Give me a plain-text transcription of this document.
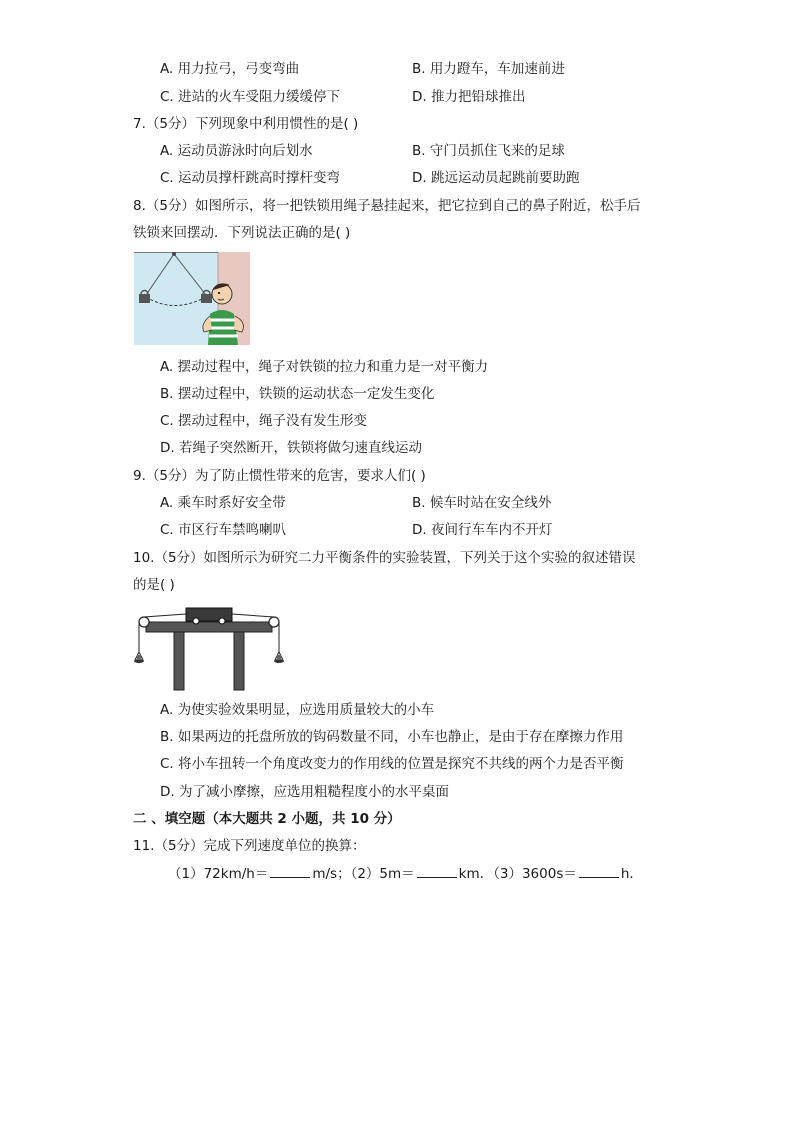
A. 用力拉弓，弓变弯曲	B. 用力蹬车，车加速前进
C. 进站的火车受阻力缓缓停下	D. 推力把铅球推出
7.（5分）下列现象中利用惯性的是( )
A. 运动员游泳时向后划水	B. 守门员抓住飞来的足球
C. 运动员撑杆跳高时撑杆变弯	D. 跳远运动员起跳前要助跑
8.（5分）如图所示，将一把铁锁用绳子悬挂起来，把它拉到自己的鼻子附近，松手后
铁锁来回摆动．下列说法正确的是( )
A. 摆动过程中，绳子对铁锁的拉力和重力是一对平衡力
B. 摆动过程中，铁锁的运动状态一定发生变化
C. 摆动过程中，绳子没有发生形变
D. 若绳子突然断开，铁锁将做匀速直线运动
9.（5分）为了防止惯性带来的危害，要求人们( )
A. 乘车时系好安全带	B. 候车时站在安全线外
C. 市区行车禁鸣喇叭	D. 夜间行车车内不开灯
10.（5分）如图所示为研究二力平衡条件的实验装置，下列关于这个实验的叙述错误
的是( )
A. 为使实验效果明显，应选用质量较大的小车
B. 如果两边的托盘所放的钩码数量不同，小车也静止，是由于存在摩擦力作用
C. 将小车扭转一个角度改变力的作用线的位置是探究不共线的两个力是否平衡
D. 为了减小摩擦，应选用粗糙程度小的水平桌面
二 、填空题（本大题共 2 小题，共 10 分）
11.（5分）完成下列速度单位的换算：
（1）72km/h＝	m/s；（2）5m＝	km．（3）3600s＝	h．
